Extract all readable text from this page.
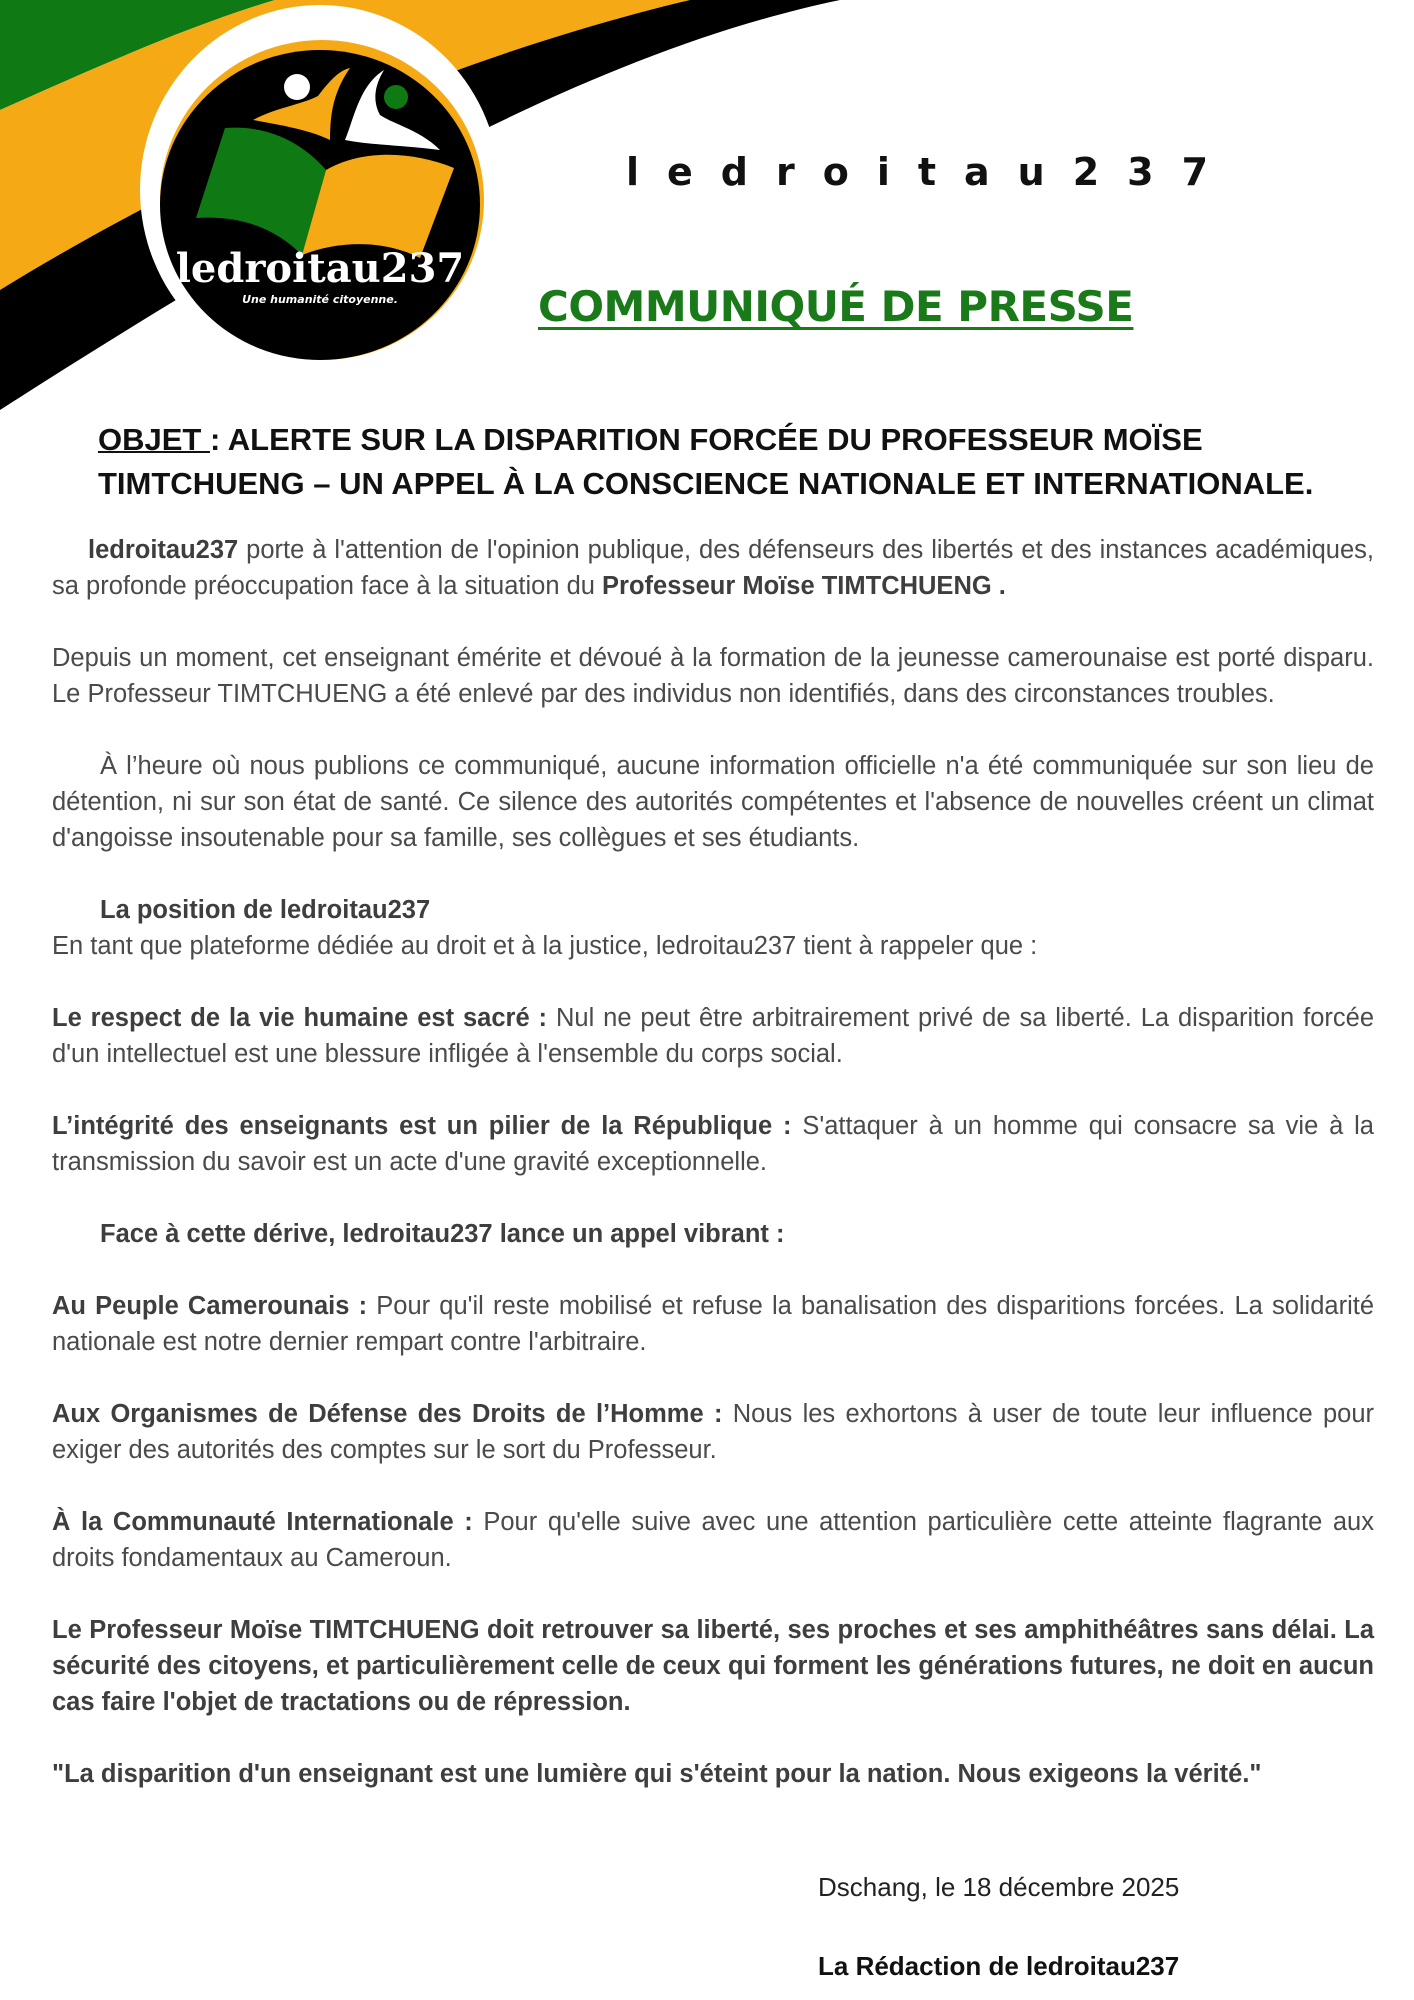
ledroitau237
Une humanité citoyenne.
ledroitau237
COMMUNIQUÉ DE PRESSE
OBJET : ALERTE SUR LA DISPARITION FORCÉE DU PROFESSEUR MOÏSE TIMTCHUENG – UN APPEL À LA CONSCIENCE NATIONALE ET INTERNATIONALE.

ledroitau237 porte à l'attention de l'opinion publique, des défenseurs des libertés et des instances académiques, sa profonde préoccupation face à la situation du Professeur Moïse TIMTCHUENG .

Depuis un moment, cet enseignant émérite et dévoué à la formation de la jeunesse camerounaise est porté disparu. Le Professeur TIMTCHUENG a été enlevé par des individus non identifiés, dans des circonstances troubles.

À l’heure où nous publions ce communiqué, aucune information officielle n'a été communiquée sur son lieu de détention, ni sur son état de santé. Ce silence des autorités compétentes et l'absence de nouvelles créent un climat d'angoisse insoutenable pour sa famille, ses collègues et ses étudiants.

La position de ledroitau237

En tant que plateforme dédiée au droit et à la justice, ledroitau237 tient à rappeler que :

Le respect de la vie humaine est sacré : Nul ne peut être arbitrairement privé de sa liberté. La disparition forcée d'un intellectuel est une blessure infligée à l'ensemble du corps social.

L’intégrité des enseignants est un pilier de la République : S'attaquer à un homme qui consacre sa vie à la transmission du savoir est un acte d'une gravité exceptionnelle.

Face à cette dérive, ledroitau237 lance un appel vibrant :

Au Peuple Camerounais : Pour qu'il reste mobilisé et refuse la banalisation des disparitions forcées. La solidarité nationale est notre dernier rempart contre l'arbitraire.

Aux Organismes de Défense des Droits de l’Homme : Nous les exhortons à user de toute leur influence pour exiger des autorités des comptes sur le sort du Professeur.

À la Communauté Internationale : Pour qu'elle suive avec une attention particulière cette atteinte flagrante aux droits fondamentaux au Cameroun.

Le Professeur Moïse TIMTCHUENG doit retrouver sa liberté, ses proches et ses amphithéâtres sans délai. La sécurité des citoyens, et particulièrement celle de ceux qui forment les générations futures, ne doit en aucun cas faire l'objet de tractations ou de répression.

"La disparition d'un enseignant est une lumière qui s'éteint pour la nation. Nous exigeons la vérité."

Dschang, le 18 décembre 2025
La Rédaction de ledroitau237
